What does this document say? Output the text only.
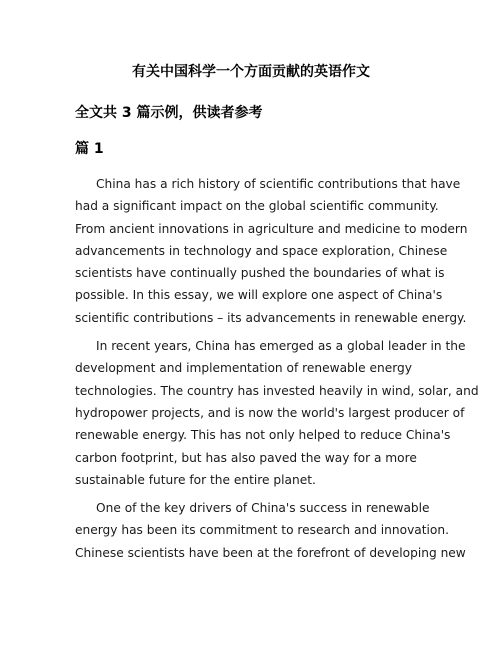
有关中国科学一个方面贡献的英语作文
全文共 3 篇示例，供读者参考
篇 1
China has a rich history of scientific contributions that have
had a significant impact on the global scientific community.
From ancient innovations in agriculture and medicine to modern
advancements in technology and space exploration, Chinese
scientists have continually pushed the boundaries of what is
possible. In this essay, we will explore one aspect of China's
scientific contributions – its advancements in renewable energy.
In recent years, China has emerged as a global leader in the
development and implementation of renewable energy
technologies. The country has invested heavily in wind, solar, and
hydropower projects, and is now the world's largest producer of
renewable energy. This has not only helped to reduce China's
carbon footprint, but has also paved the way for a more
sustainable future for the entire planet.
One of the key drivers of China's success in renewable
energy has been its commitment to research and innovation.
Chinese scientists have been at the forefront of developing new
